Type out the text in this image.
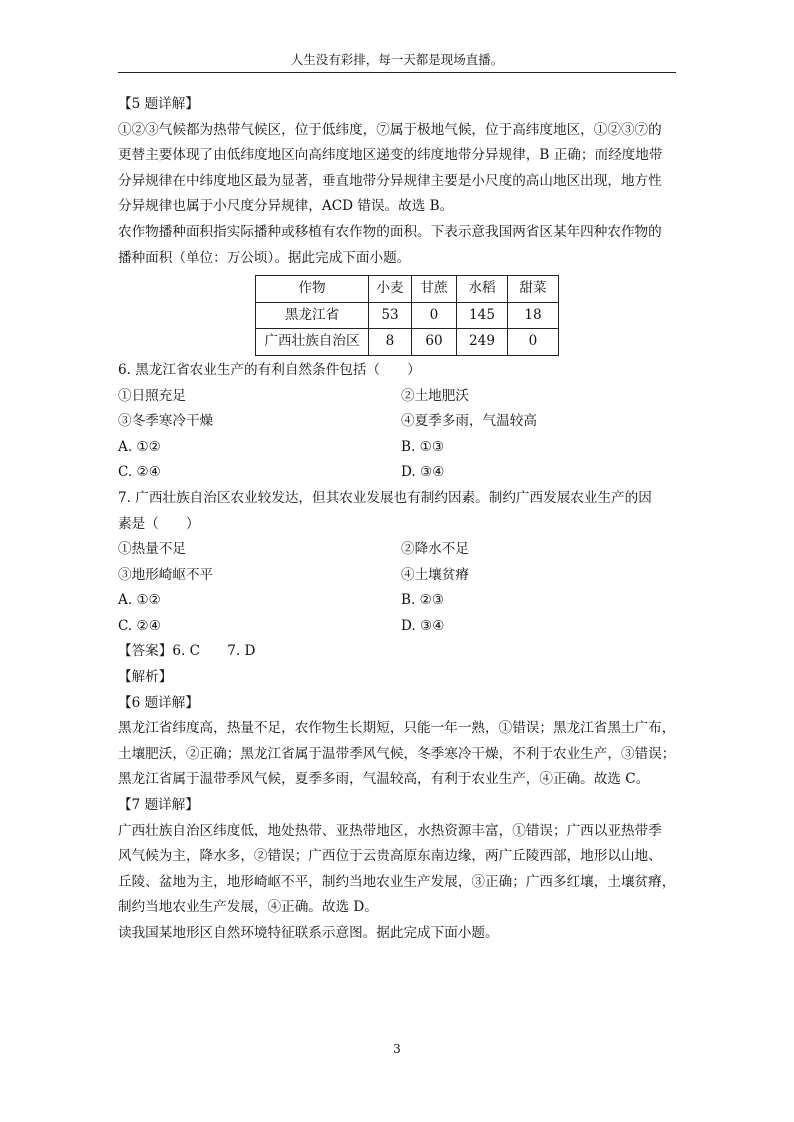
人生没有彩排，每一天都是现场直播。

【5 题详解】

①②③气候都为热带气候区，位于低纬度，⑦属于极地气候，位于高纬度地区，①②③⑦的

更替主要体现了由低纬度地区向高纬度地区递变的纬度地带分异规律，B 正确；而经度地带

分异规律在中纬度地区最为显著，垂直地带分异规律主要是小尺度的高山地区出现，地方性

分异规律也属于小尺度分异规律，ACD 错误。故选 B。

农作物播种面积指实际播种或移植有农作物的面积。下表示意我国两省区某年四种农作物的

播种面积（单位：万公顷）。据此完成下面小题。

作物	小麦	甘蔗	水稻	甜菜
黑龙江省	53	0	145	18
广西壮族自治区	8	60	249	0

6. 黑龙江省农业生产的有利自然条件包括（　　）

①日照充足	②土地肥沃
③冬季寒冷干燥	④夏季多雨，气温较高
A. ①②	B. ①③
C. ②④	D. ③④

7. 广西壮族自治区农业较发达，但其农业发展也有制约因素。制约广西发展农业生产的因

素是（　　）

①热量不足	②降水不足
③地形崎岖不平	④土壤贫瘠
A. ①②	B. ②③
C. ②④	D. ③④

【答案】6. C　　7. D

【解析】

【6 题详解】

黑龙江省纬度高，热量不足，农作物生长期短，只能一年一熟，①错误；黑龙江省黑土广布，

土壤肥沃，②正确；黑龙江省属于温带季风气候，冬季寒冷干燥，不利于农业生产，③错误；

黑龙江省属于温带季风气候，夏季多雨，气温较高，有利于农业生产，④正确。故选 C。

【7 题详解】

广西壮族自治区纬度低，地处热带、亚热带地区，水热资源丰富，①错误；广西以亚热带季

风气候为主，降水多，②错误；广西位于云贵高原东南边缘，两广丘陵西部，地形以山地、

丘陵、盆地为主，地形崎岖不平，制约当地农业生产发展，③正确；广西多红壤，土壤贫瘠，

制约当地农业生产发展，④正确。故选 D。

读我国某地形区自然环境特征联系示意图。据此完成下面小题。

3
